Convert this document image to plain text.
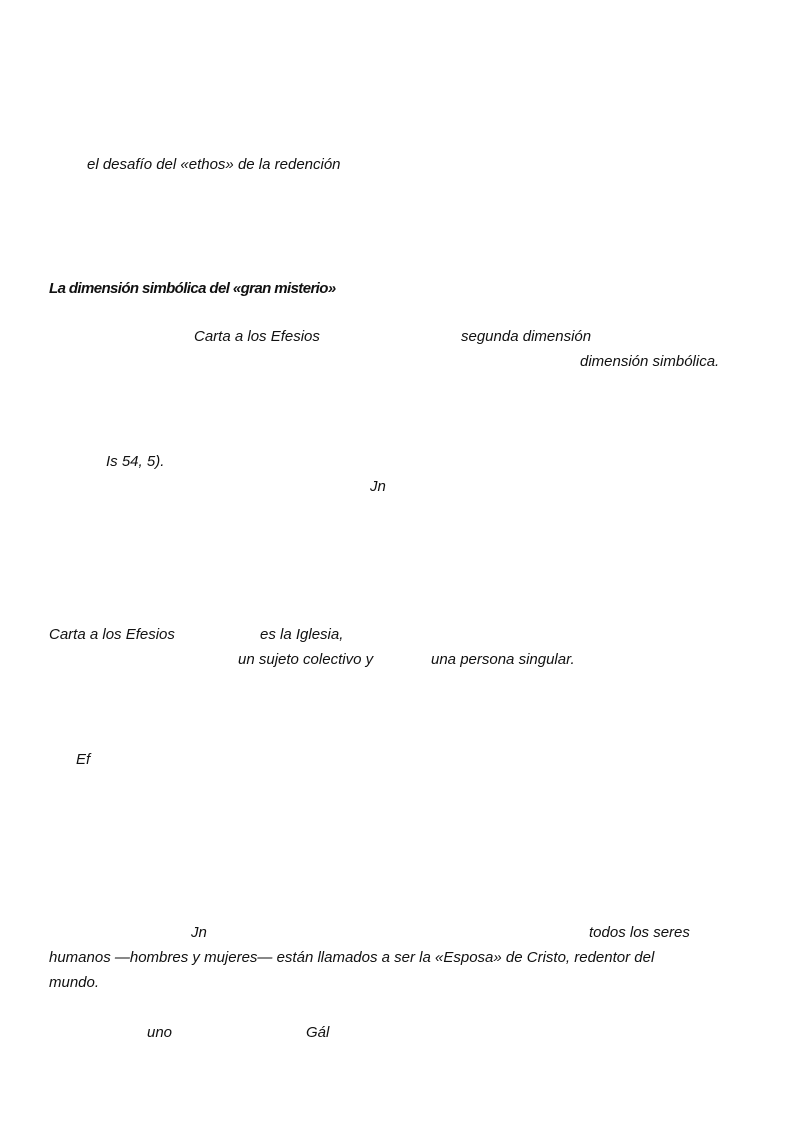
el desafío del «ethos» de la redención
La dimensión simbólica del «gran misterio»
Carta a los Efesios	segunda dimensión
dimensión simbólica.
Is 54, 5).
Jn
Carta a los Efesios	es la Iglesia,
un sujeto colectivo y	una persona singular.
Ef
Jn	todos los seres
humanos —hombres y mujeres— están llamados a ser la «Esposa» de Cristo, redentor del
mundo.
uno	Gál
